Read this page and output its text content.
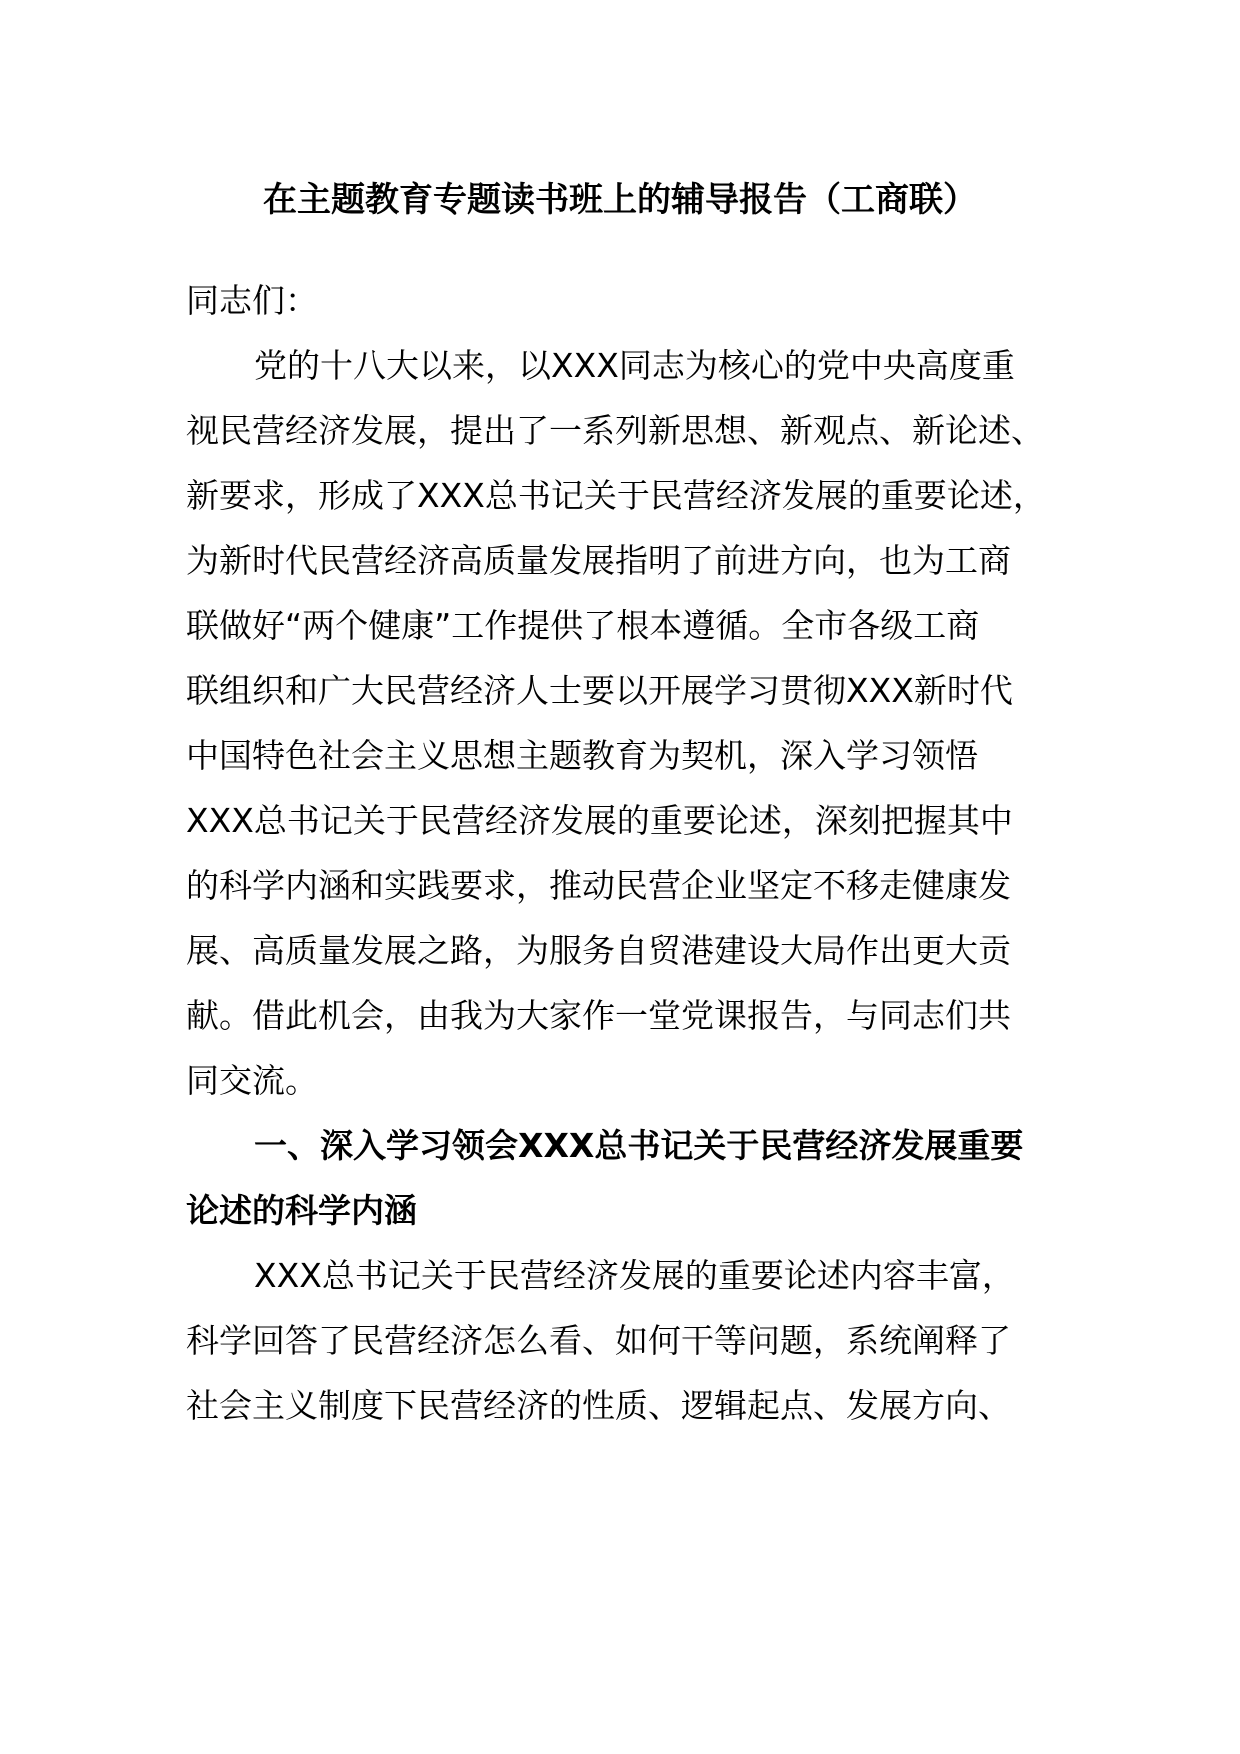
在主题教育专题读书班上的辅导报告（工商联）
同志们：
党的十八大以来，以XXX同志为核心的党中央高度重
视民营经济发展，提出了一系列新思想、新观点、新论述、
新要求，形成了XXX总书记关于民营经济发展的重要论述，
为新时代民营经济高质量发展指明了前进方向，也为工商
联做好“两个健康”工作提供了根本遵循。全市各级工商
联组织和广大民营经济人士要以开展学习贯彻XXX新时代
中国特色社会主义思想主题教育为契机，深入学习领悟
XXX总书记关于民营经济发展的重要论述，深刻把握其中
的科学内涵和实践要求，推动民营企业坚定不移走健康发
展、高质量发展之路，为服务自贸港建设大局作出更大贡
献。借此机会，由我为大家作一堂党课报告，与同志们共
同交流。
一、深入学习领会XXX总书记关于民营经济发展重要
论述的科学内涵
XXX总书记关于民营经济发展的重要论述内容丰富，
科学回答了民营经济怎么看、如何干等问题，系统阐释了
社会主义制度下民营经济的性质、逻辑起点、发展方向、
